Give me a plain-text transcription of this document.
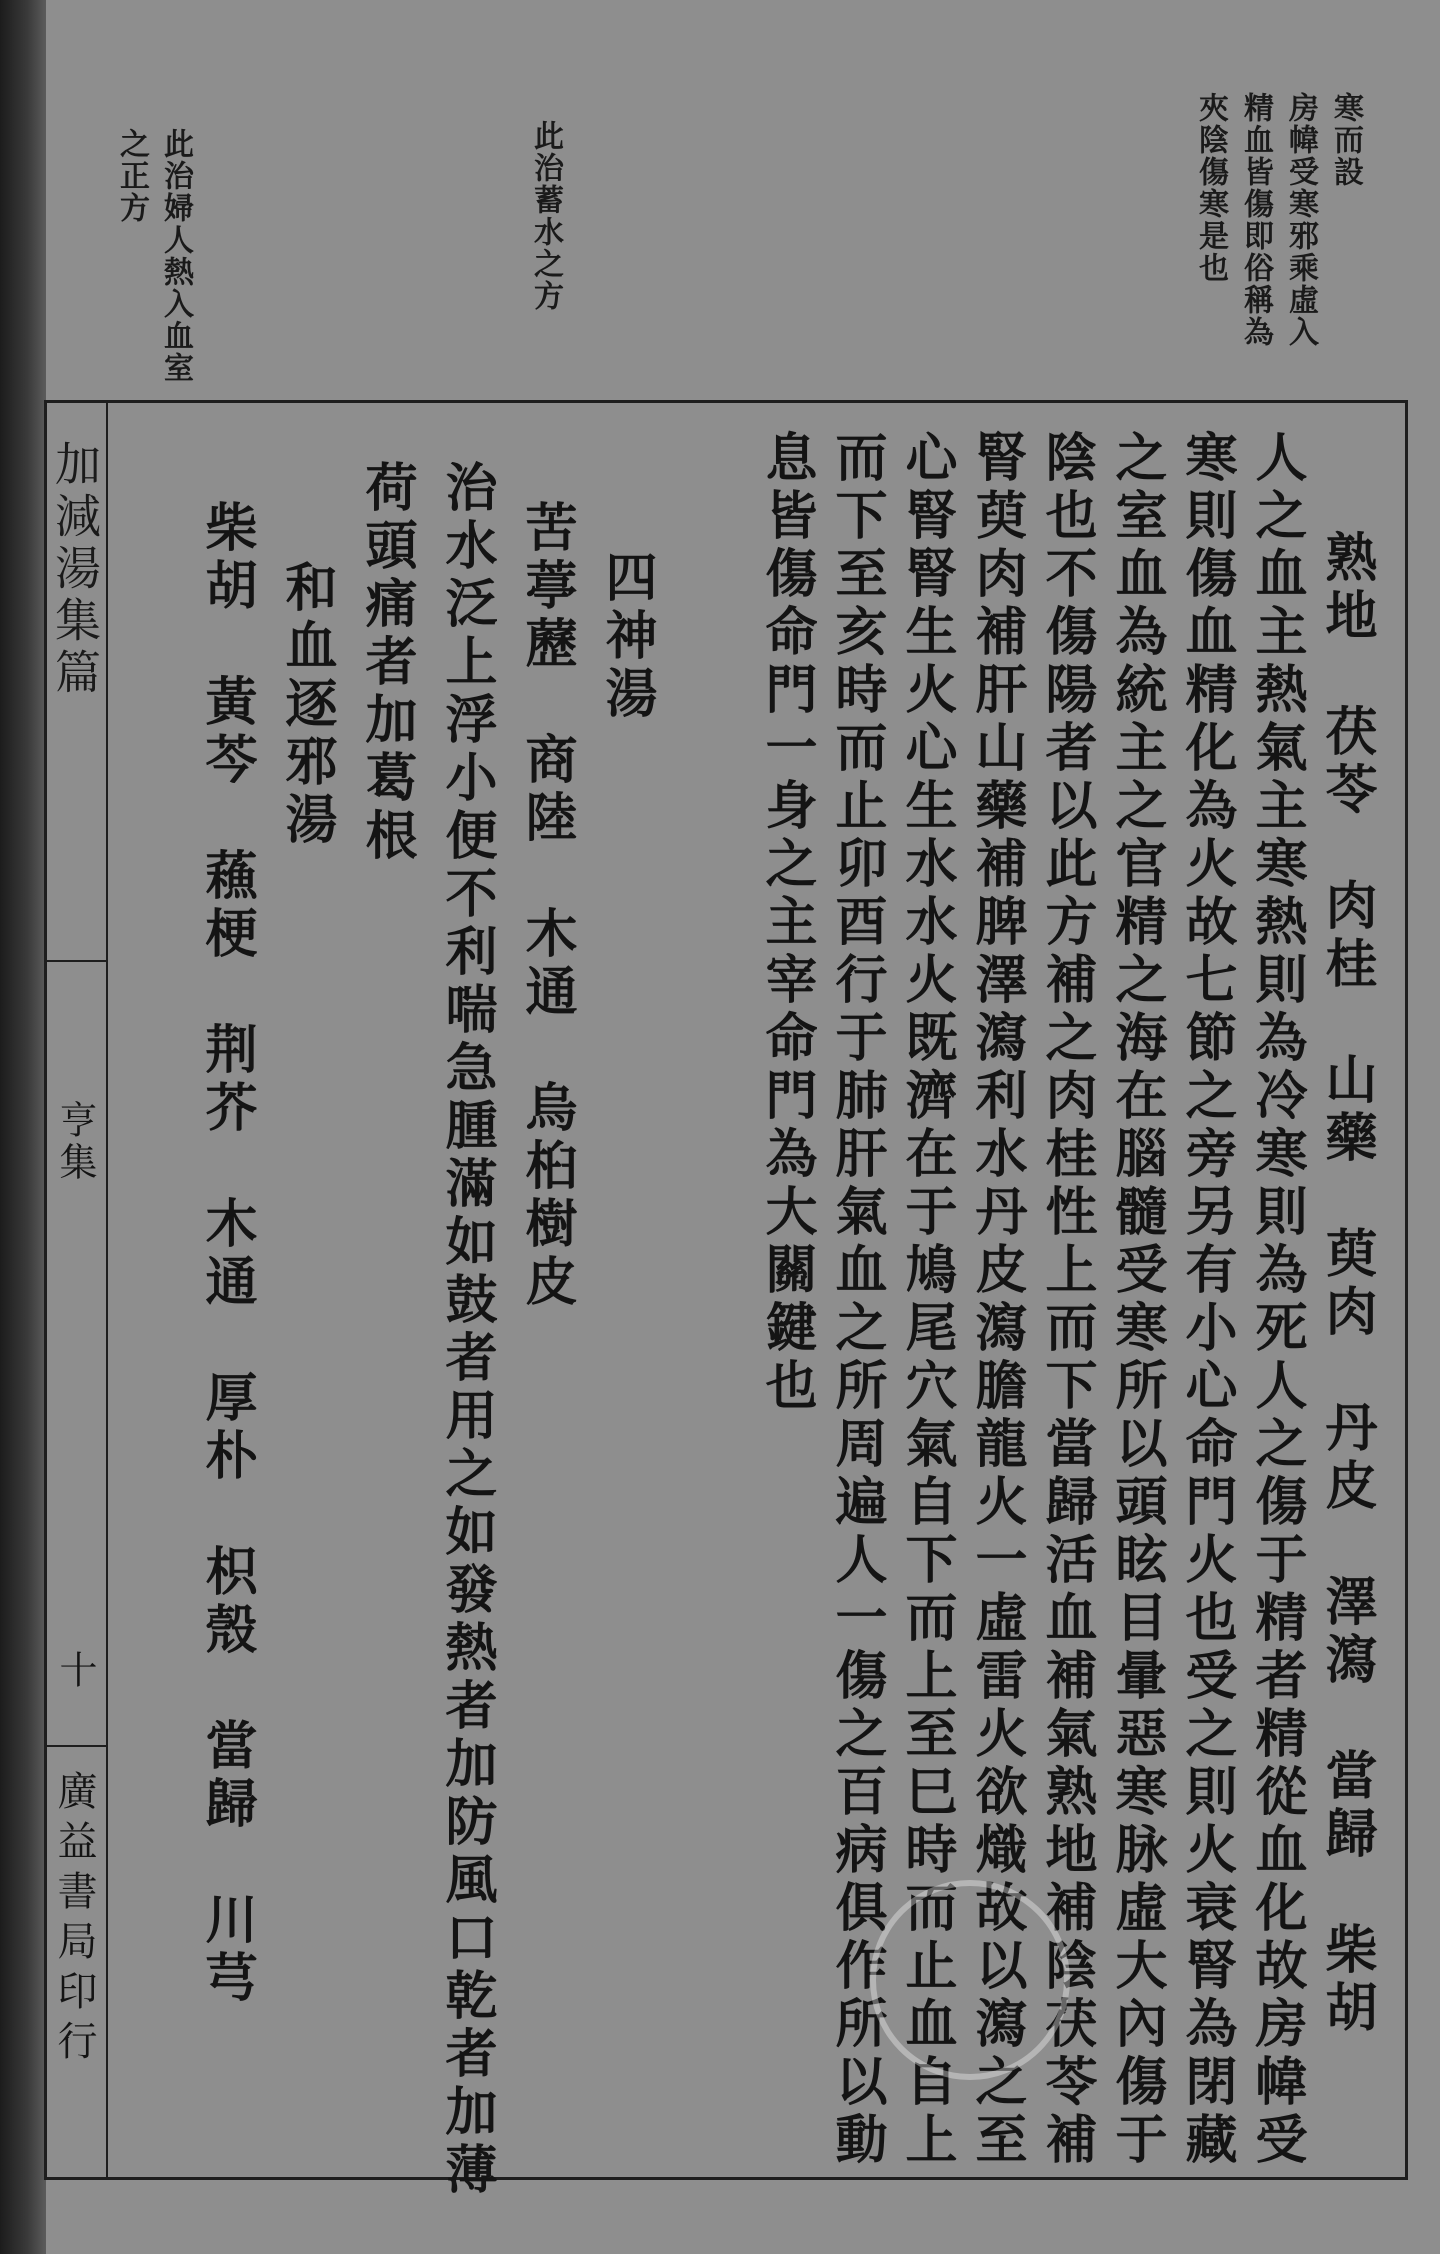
寒而設
房幃受寒邪乘虛入
精血皆傷即俗稱為
夾陰傷寒是也
此治蓄水之方
此治婦人熱入血室
之正方
加減湯集篇
亨集
十
廣益書局印行	熟地　茯苓　肉桂　山藥　萸肉　丹皮　澤瀉　當歸　柴胡
人之血主熱氣主寒熱則為冷寒則為死人之傷于精者精從血化故房幃受
寒則傷血精化為火故七節之旁另有小心命門火也受之則火衰腎為閉藏
之室血為統主之官精之海在腦髓受寒所以頭眩目暈惡寒脉虛大內傷于
陰也不傷陽者以此方補之肉桂性上而下當歸活血補氣熟地補陰茯苓補
腎萸肉補肝山藥補脾澤瀉利水丹皮瀉膽龍火一虛雷火欲熾故以瀉之至
心腎腎生火心生水水火既濟在于鳩尾穴氣自下而上至巳時而止血自上
而下至亥時而止卯酉行于肺肝氣血之所周遍人一傷之百病俱作所以動
息皆傷命門一身之主宰命門為大關鍵也
四神湯
苦葶藶　商陸　木通　烏桕樹皮
治水泛上浮小便不利喘急腫滿如鼓者用之如發熱者加防風口乾者加薄
荷頭痛者加葛根
和血逐邪湯
柴胡　黃芩　蘓梗　荆芥　木通　厚朴　枳殼　當歸　川芎
